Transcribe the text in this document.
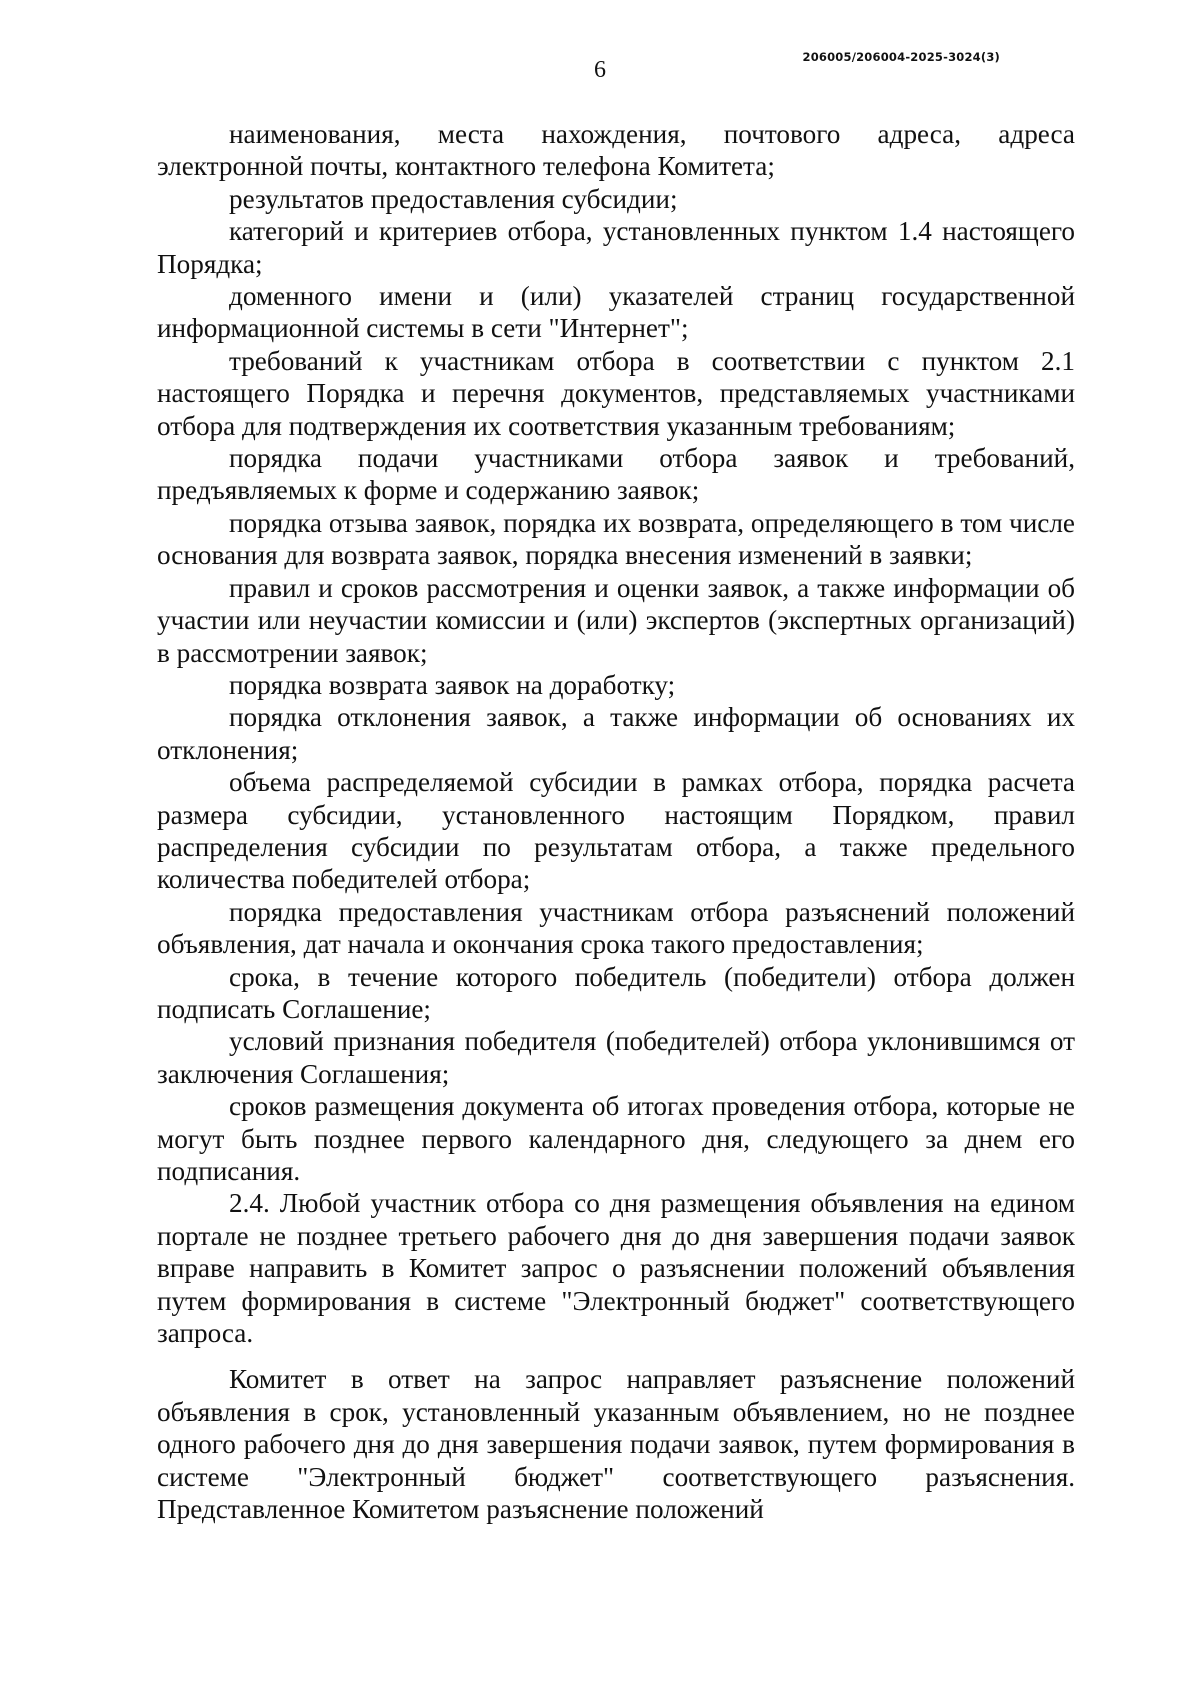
206005/206004-2025-3024(3)
6

наименования, места нахождения, почтового адреса, адреса электронной почты, контактного телефона Комитета;

результатов предоставления субсидии;

категорий и критериев отбора, установленных пунктом 1.4 настоящего Порядка;

доменного имени и (или) указателей страниц государственной информационной системы в сети "Интернет";

требований к участникам отбора в соответствии с пунктом 2.1 настоящего Порядка и перечня документов, представляемых участниками отбора для подтверждения их соответствия указанным требованиям;

порядка подачи участниками отбора заявок и требований, предъявляемых к форме и содержанию заявок;

порядка отзыва заявок, порядка их возврата, определяющего в том числе основания для возврата заявок, порядка внесения изменений в заявки;

правил и сроков рассмотрения и оценки заявок, а также информации об участии или неучастии комиссии и (или) экспертов (экспертных организаций) в рассмотрении заявок;

порядка возврата заявок на доработку;

порядка отклонения заявок, а также информации об основаниях их отклонения;

объема распределяемой субсидии в рамках отбора, порядка расчета размера субсидии, установленного настоящим Порядком, правил распределения субсидии по результатам отбора, а также предельного количества победителей отбора;

порядка предоставления участникам отбора разъяснений положений объявления, дат начала и окончания срока такого предоставления;

срока, в течение которого победитель (победители) отбора должен подписать Соглашение;

условий признания победителя (победителей) отбора уклонившимся от заключения Соглашения;

сроков размещения документа об итогах проведения отбора, которые не могут быть позднее первого календарного дня, следующего за днем его подписания.

2.4. Любой участник отбора со дня размещения объявления на едином портале не позднее третьего рабочего дня до дня завершения подачи заявок вправе направить в Комитет запрос о разъяснении положений объявления путем формирования в системе "Электронный бюджет" соответствующего запроса.

Комитет в ответ на запрос направляет разъяснение положений объявления в срок, установленный указанным объявлением, но не позднее одного рабочего дня до дня завершения подачи заявок, путем формирования в системе "Электронный бюджет" соответствующего разъяснения. Представленное Комитетом разъяснение положений
